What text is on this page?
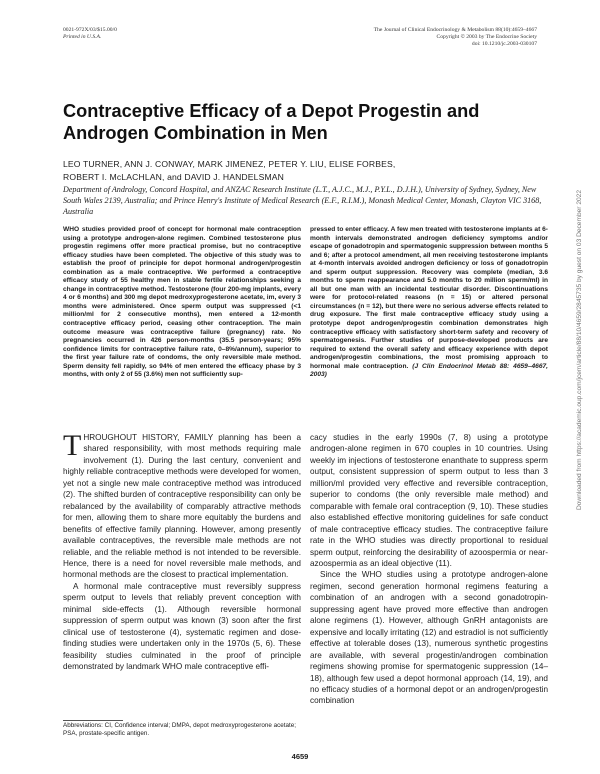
0021-972X/03/$15.00/0
Printed in U.S.A.
The Journal of Clinical Endocrinology & Metabolism 88(10):4659–4667
Copyright © 2003 by The Endocrine Society
doi: 10.1210/jc.2003-030107
Contraceptive Efficacy of a Depot Progestin and Androgen Combination in Men
LEO TURNER, ANN J. CONWAY, MARK JIMENEZ, PETER Y. LIU, ELISE FORBES,
ROBERT I. McLACHLAN, and DAVID J. HANDELSMAN
Department of Andrology, Concord Hospital, and ANZAC Research Institute (L.T., A.J.C., M.J., P.Y.L., D.J.H.), University of Sydney, Sydney, New South Wales 2139, Australia; and Prince Henry's Institute of Medical Research (E.F., R.I.M.), Monash Medical Center, Monash, Clayton VIC 3168, Australia
WHO studies provided proof of concept for hormonal male contraception using a prototype androgen-alone regimen. Combined testosterone plus progestin regimens offer more practical promise, but no contraceptive efficacy studies have been completed. The objective of this study was to establish the proof of principle for depot hormonal androgen/progestin combination as a male contraceptive. We performed a contraceptive efficacy study of 55 healthy men in stable fertile relationships seeking a change in contraceptive method. Testosterone (four 200-mg implants, every 4 or 6 months) and 300 mg depot medroxyprogesterone acetate, im, every 3 months were administered. Once sperm output was suppressed (<1 million/ml for 2 consecutive months), men entered a 12-month contraceptive efficacy period, ceasing other contraception. The main outcome measure was contraceptive failure (pregnancy) rate. No pregnancies occurred in 426 person-months (35.5 person-years; 95% confidence limits for contraceptive failure rate, 0–8%/annum), superior to the first year failure rate of condoms, the only reversible male method. Sperm density fell rapidly, so 94% of men entered the efficacy phase by 3 months, with only 2 of 55 (3.6%) men not sufficiently sup-
pressed to enter efficacy. A few men treated with testosterone implants at 6-month intervals demonstrated androgen deficiency symptoms and/or escape of gonadotropin and spermatogenic suppression between months 5 and 6; after a protocol amendment, all men receiving testosterone implants at 4-month intervals avoided androgen deficiency or loss of gonadotropin and sperm output suppression. Recovery was complete (median, 3.6 months to sperm reappearance and 5.0 months to 20 million sperm/ml) in all but one man with an incidental testicular disorder. Discontinuations were for protocol-related reasons (n = 15) or altered personal circumstances (n = 12), but there were no serious adverse effects related to drug exposure. The first male contraceptive efficacy study using a prototype depot androgen/progestin combination demonstrates high contraceptive efficacy with satisfactory short-term safety and recovery of spermatogenesis. Further studies of purpose-developed products are required to extend the overall safety and efficacy experience with depot androgen/progestin combinations, the most promising approach to hormonal male contraception. (J Clin Endocrinol Metab 88: 4659–4667, 2003)

THROUGHOUT HISTORY, FAMILY planning has been a shared responsibility, with most methods requiring male involvement (1). During the last century, convenient and highly reliable contraceptive methods were developed for women, yet not a single new male contraceptive method was introduced (2). The shifted burden of contraceptive responsibility can only be rebalanced by the availability of comparably attractive methods for men, allowing them to share more equitably the burdens and benefits of effective family planning. However, among presently available contraceptives, the reversible male methods are not reliable, and the reliable method is not intended to be reversible. Hence, there is a need for novel reversible male methods, and hormonal methods are the closest to practical implementation.

A hormonal male contraceptive must reversibly suppress sperm output to levels that reliably prevent conception with minimal side-effects (1). Although reversible hormonal suppression of sperm output was known (3) soon after the first clinical use of testosterone (4), systematic regimen and dose-finding studies were undertaken only in the 1970s (5, 6). These feasibility studies culminated in the proof of principle demonstrated by landmark WHO male contraceptive effi-

cacy studies in the early 1990s (7, 8) using a prototype androgen-alone regimen in 670 couples in 10 countries. Using weekly im injections of testosterone enanthate to suppress sperm output, consistent suppression of sperm output to less than 3 million/ml provided very effective and reversible contraception, superior to condoms (the only reversible male method) and comparable with female oral contraception (9, 10). These studies also established effective monitoring guidelines for safe conduct of male contraceptive efficacy studies. The contraceptive failure rate in the WHO studies was directly proportional to residual sperm output, reinforcing the desirability of azoospermia or near-azoospermia as an ideal objective (11).

Since the WHO studies using a prototype androgen-alone regimen, second generation hormonal regimens featuring a combination of an androgen with a second gonadotropin-suppressing agent have proved more effective than androgen alone regimens (1). However, although GnRH antagonists are expensive and locally irritating (12) and estradiol is not sufficiently effective at tolerable doses (13), numerous synthetic progestins are available, with several progestin/androgen combination regimens showing promise for spermatogenic suppression (14–18), although few used a depot hormonal approach (14, 19), and no efficacy studies of a hormonal depot or an androgen/progestin combination

Abbreviations: CI, Confidence interval; DMPA, depot medroxyprogesterone acetate; PSA, prostate-specific antigen.
4659
Downloaded from https://academic.oup.com/jcem/article/88/10/4659/2845735 by guest on 03 December 2022
